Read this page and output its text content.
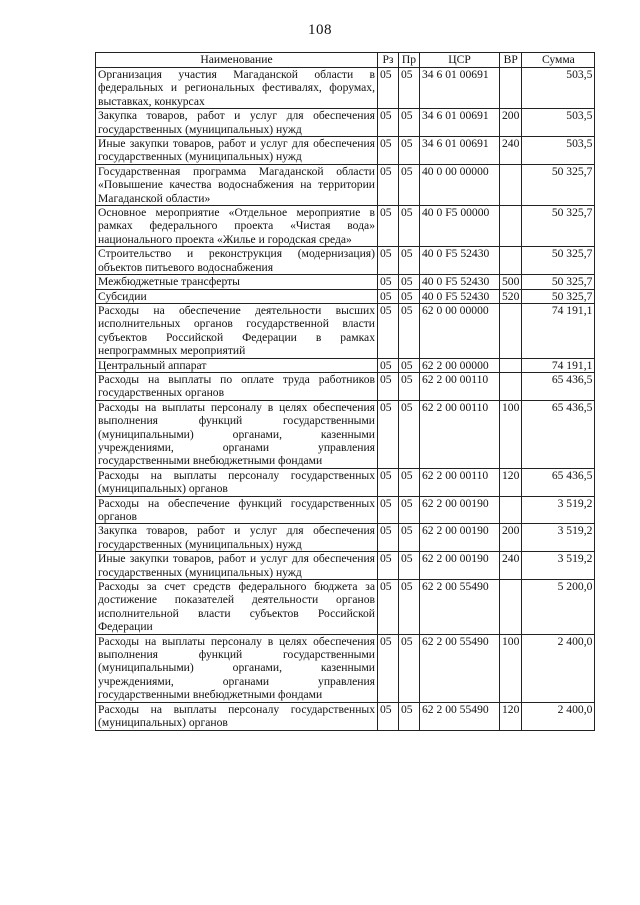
108
Наименование	Рз	Пр	ЦСР	ВР	Сумма
Организация участия Магаданской области в федеральных и региональных фестивалях, форумах, выставках, конкурсах	05	05	34 6 01 00691		503,5
Закупка товаров, работ и услуг для обеспечения государственных (муниципальных) нужд	05	05	34 6 01 00691	200	503,5
Иные закупки товаров, работ и услуг для обеспечения государственных (муниципальных) нужд	05	05	34 6 01 00691	240	503,5
Государственная программа Магаданской области «Повышение качества водоснабжения на территории Магаданской области»	05	05	40 0 00 00000		50 325,7
Основное мероприятие «Отдельное мероприятие в рамках федерального проекта «Чистая вода» национального проекта «Жилье и городская среда»	05	05	40 0 F5 00000		50 325,7
Строительство и реконструкция (модернизация) объектов питьевого водоснабжения	05	05	40 0 F5 52430		50 325,7
Межбюджетные трансферты	05	05	40 0 F5 52430	500	50 325,7
Субсидии	05	05	40 0 F5 52430	520	50 325,7
Расходы на обеспечение деятельности высших исполнительных органов государственной власти субъектов Российской Федерации в рамках непрограммных мероприятий	05	05	62 0 00 00000		74 191,1
Центральный аппарат	05	05	62 2 00 00000		74 191,1
Расходы на выплаты по оплате труда работников государственных органов	05	05	62 2 00 00110		65 436,5
Расходы на выплаты персоналу в целях обеспечения выполнения функций государственными (муниципальными) органами, казенными учреждениями, органами управления государственными внебюджетными фондами	05	05	62 2 00 00110	100	65 436,5
Расходы на выплаты персоналу государственных (муниципальных) органов	05	05	62 2 00 00110	120	65 436,5
Расходы на обеспечение функций государственных органов	05	05	62 2 00 00190		3 519,2
Закупка товаров, работ и услуг для обеспечения государственных (муниципальных) нужд	05	05	62 2 00 00190	200	3 519,2
Иные закупки товаров, работ и услуг для обеспечения государственных (муниципальных) нужд	05	05	62 2 00 00190	240	3 519,2
Расходы за счет средств федерального бюджета за достижение показателей деятельности органов исполнительной власти субъектов Российской Федерации	05	05	62 2 00 55490		5 200,0
Расходы на выплаты персоналу в целях обеспечения выполнения функций государственными (муниципальными) органами, казенными учреждениями, органами управления государственными внебюджетными фондами	05	05	62 2 00 55490	100	2 400,0
Расходы на выплаты персоналу государственных (муниципальных) органов	05	05	62 2 00 55490	120	2 400,0
